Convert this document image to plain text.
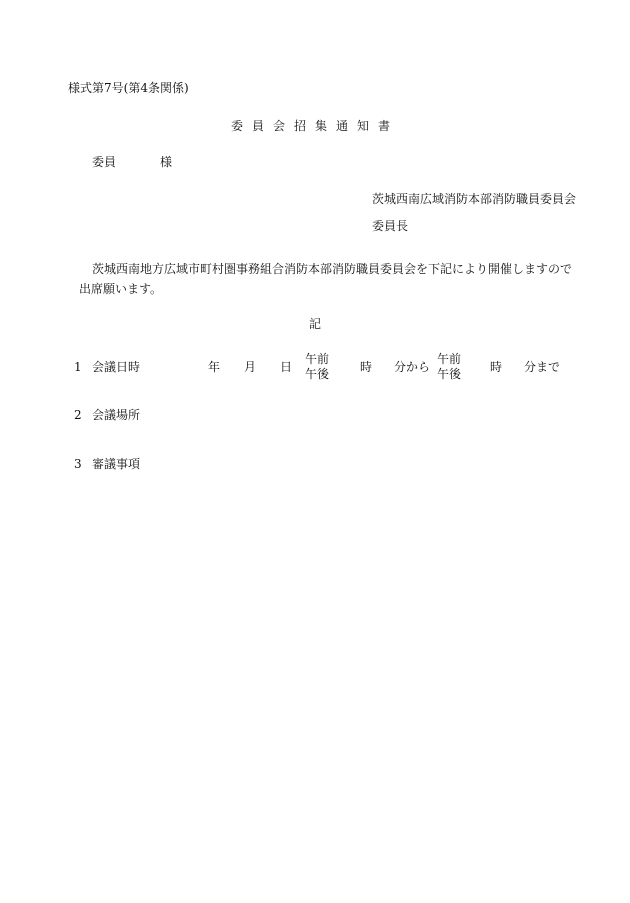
様式第7号(第4条関係)
委員会招集通知書
委員	様
茨城西南広域消防本部消防職員委員会
委員長
茨城西南地方広域市町村圏事務組合消防本部消防職員委員会を下記により開催しますので
出席願います。
記
1 会議日時	年 月 日
午前
午後	時 分から
午前
午後 時 分まで
2 会議場所
3 審議事項
